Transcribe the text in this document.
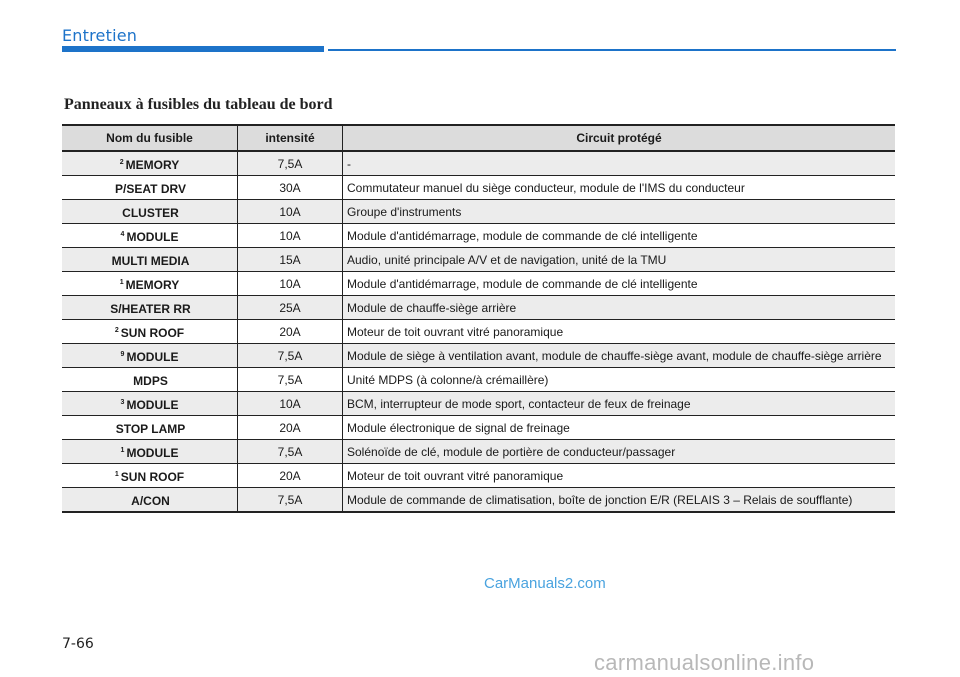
Entretien
Panneaux à fusibles du tableau de bord
Nom du fusible	intensité	Circuit protégé
$^2$ MEMORY	7,5A	-
P/SEAT DRV	30A	Commutateur manuel du siège conducteur, module de l'IMS du conducteur
CLUSTER	10A	Groupe d'instruments
$^4$ MODULE	10A	Module d'antidémarrage, module de commande de clé intelligente
MULTI MEDIA	15A	Audio, unité principale A/V et de navigation, unité de la TMU
$^1$ MEMORY	10A	Module d'antidémarrage, module de commande de clé intelligente
S/HEATER RR	25A	Module de chauffe-siège arrière
$^2$ SUN ROOF	20A	Moteur de toit ouvrant vitré panoramique
$^9$ MODULE	7,5A	Module de siège à ventilation avant, module de chauffe-siège avant, module de chauffe-siège arrière
MDPS	7,5A	Unité MDPS (à colonne/à crémaillère)
$^3$ MODULE	10A	BCM, interrupteur de mode sport, contacteur de feux de freinage
STOP LAMP	20A	Module électronique de signal de freinage
$^1$ MODULE	7,5A	Solénoïde de clé, module de portière de conducteur/passager
$^1$ SUN ROOF	20A	Moteur de toit ouvrant vitré panoramique
A/CON	7,5A	Module de commande de climatisation, boîte de jonction E/R (RELAIS 3 – Relais de soufflante)
CarManuals2.com
7-66
carmanualsonline.info
